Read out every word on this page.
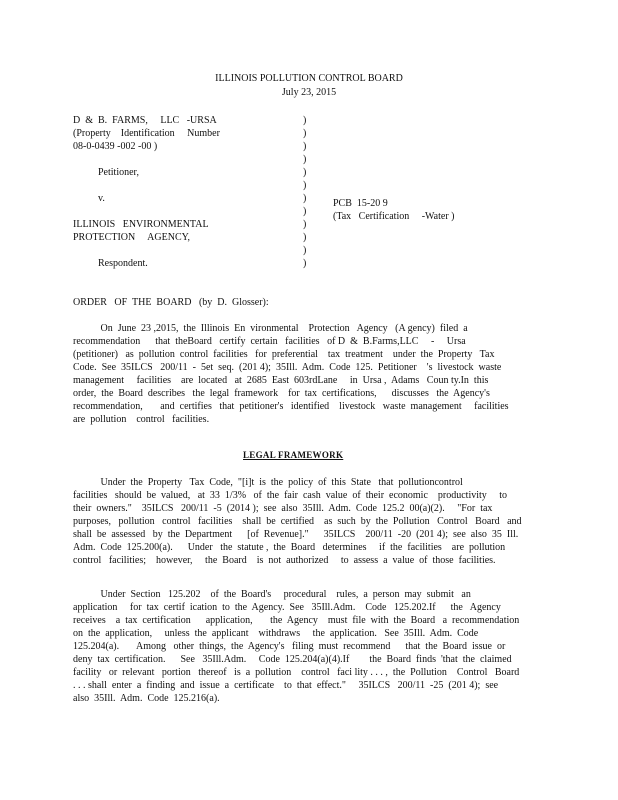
ILLINOIS POLLUTION CONTROL BOARD
July 23, 2015
D  &  B.  FARMS,     LLC   -URSA
(Property    Identification     Number
08-0-0439 -002 -00 )

Petitioner,

v.

ILLINOIS   ENVIRONMENTAL
PROTECTION     AGENCY,

Respondent.
)
)
)
)
)
)
)
)
)
)
)
)
PCB  15-20 9
(Tax   Certification     -Water )
ORDER   OF  THE  BOARD   (by  D.  Glosser):
On  June  23 ,2015,  the  Illinois  En  vironmental    Protection   Agency   (A gency)  filed  a
recommendation      that  theBoard   certify  certain   facilities   of D  &  B.Farms,LLC     -     Ursa
(petitioner)   as  pollution  control  facilities   for  preferential    tax  treatment    under  the  Property   Tax
Code.  See  35ILCS   200/11  -  5et  seq.  (201 4);  35Ill.  Adm.  Code  125.  Petitioner    's  livestock  waste
management     facilities    are  located   at  2685  East  603rdLane     in  Ursa ,  Adams   Coun ty.In  this
order,  the  Board  describes   the  legal  framework    for  tax  certifications,      discusses   the  Agency's
recommendation,       and  certifies   that  petitioner's   identified    livestock   waste  management     facilities
are  pollution    control   facilities.
LEGAL FRAMEWORK
Under  the  Property   Tax  Code,  "[i]t  is  the  policy  of  this  State   that  pollutioncontrol
facilities   should  be  valued,   at  33  1/3%   of  the  fair  cash  value  of  their  economic    productivity     to
their  owners."    35ILCS   200/11  -5  (2014 );  see  also  35Ill.  Adm.  Code  125.2  00(a)(2).     "For  tax
purposes,   pollution   control   facilities    shall  be  certified    as  such  by  the  Pollution   Control   Board   and
shall  be  assessed   by  the  Department      [of  Revenue]."      35ILCS    200/11  -20  (201 4);  see  also  35  Ill.
Adm.  Code  125.200(a).      Under   the  statute ,  the  Board   determines     if  the  facilities    are  pollution
control   facilities;    however,     the  Board    is  not  authorized     to  assess  a  value  of  those  facilities.
Under  Section   125.202    of  the  Board's     procedural    rules,  a  person  may  submit   an
application     for  tax  certif  ication  to  the  Agency.  See   35Ill.Adm.    Code   125.202.If      the   Agency
receives    a  tax  certification      application,       the  Agency    must  file  with  the  Board   a  recommendation
on  the  application,     unless  the  applicant    withdraws     the  application.   See  35Ill.  Adm.  Code
125.204(a).       Among   other  things,  the  Agency's   filing  must  recommend      that  the  Board  issue  or
deny  tax  certification.      See   35Ill.Adm.     Code  125.204(a)(4).If        the  Board  finds  'that  the  claimed
facility   or  relevant   portion   thereof   is  a  pollution    control   faci lity . . . ,  the  Pollution    Control   Board
. . . shall  enter  a  finding  and  issue  a  certificate    to  that  effect."     35ILCS   200/11  -25  (201 4);  see
also  35Ill.  Adm.  Code  125.216(a).
